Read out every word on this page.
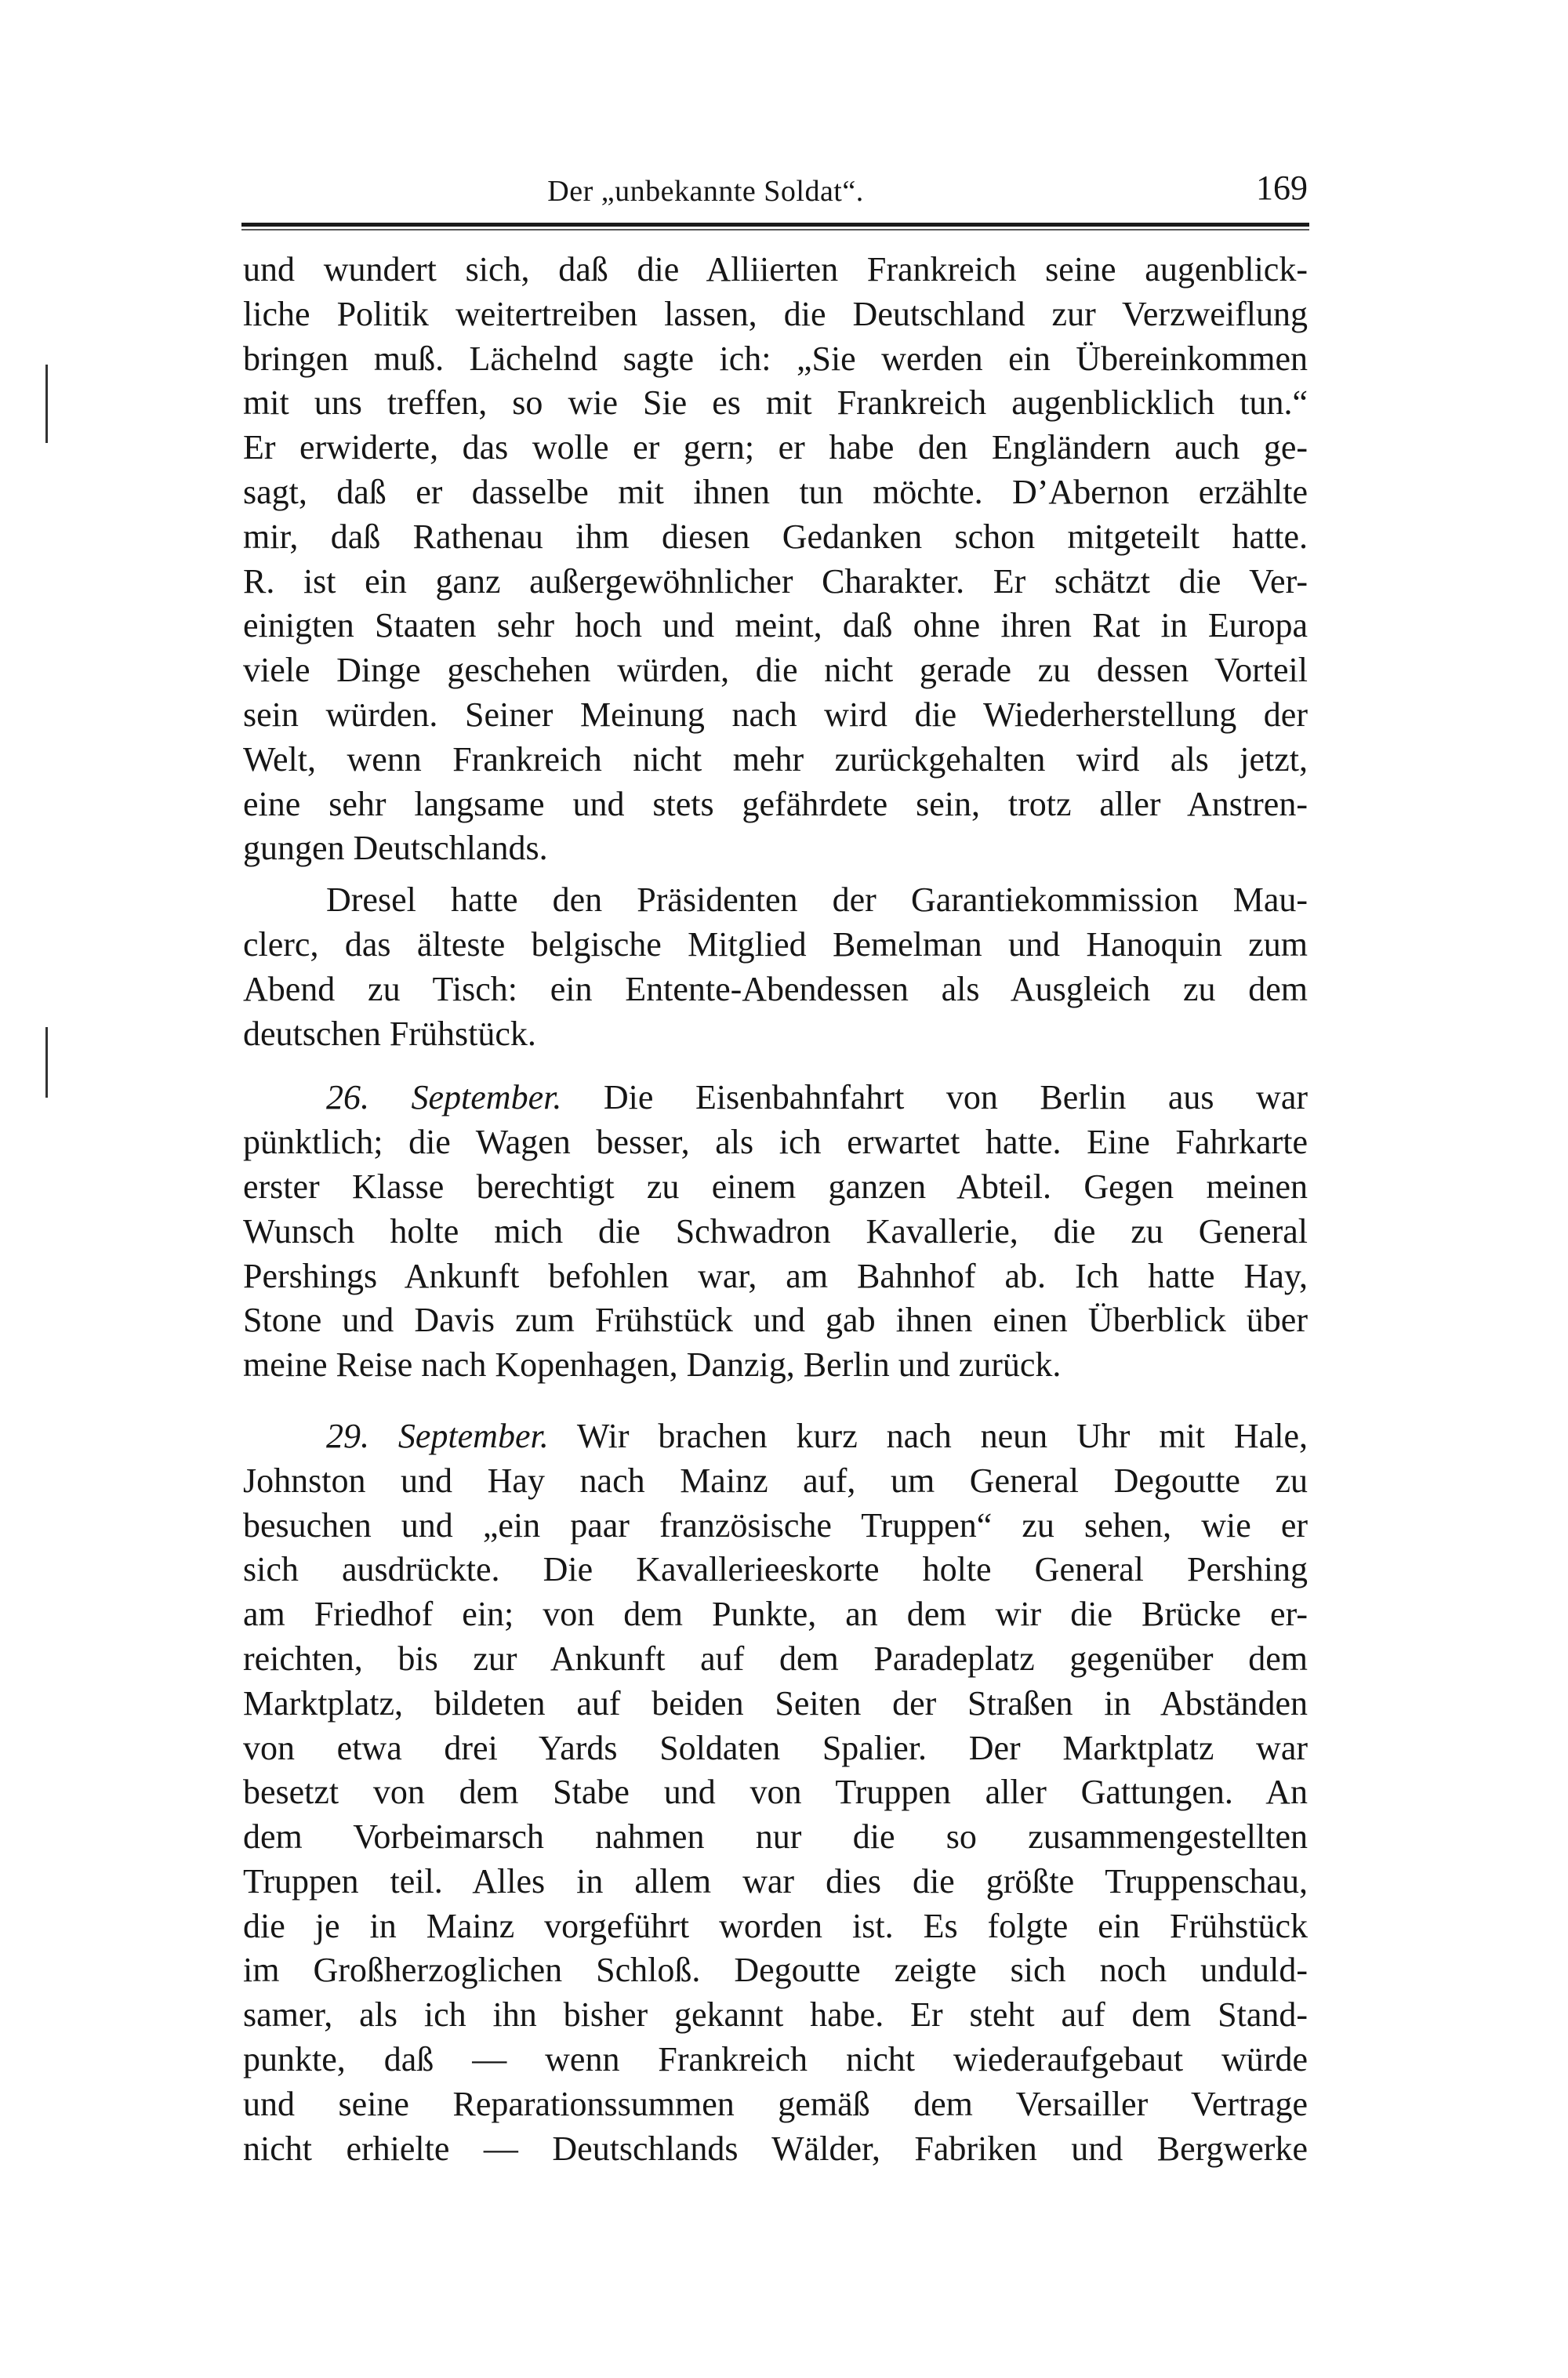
Der „unbekannte Soldat“.	169
und wundert sich, daß die Alliierten Frankreich seine augenblick-
liche Politik weitertreiben lassen, die Deutschland zur Verzweiflung
bringen muß. Lächelnd sagte ich: „Sie werden ein Übereinkommen
mit uns treffen, so wie Sie es mit Frankreich augenblicklich tun.“
Er erwiderte, das wolle er gern; er habe den Engländern auch ge-
sagt, daß er dasselbe mit ihnen tun möchte. D’Abernon erzählte
mir, daß Rathenau ihm diesen Gedanken schon mitgeteilt hatte.
R. ist ein ganz außergewöhnlicher Charakter. Er schätzt die Ver-
einigten Staaten sehr hoch und meint, daß ohne ihren Rat in Europa
viele Dinge geschehen würden, die nicht gerade zu dessen Vorteil
sein würden. Seiner Meinung nach wird die Wiederherstellung der
Welt, wenn Frankreich nicht mehr zurückgehalten wird als jetzt,
eine sehr langsame und stets gefährdete sein, trotz aller Anstren-
gungen Deutschlands.
Dresel hatte den Präsidenten der Garantiekommission Mau-
clerc, das älteste belgische Mitglied Bemelman und Hanoquin zum
Abend zu Tisch: ein Entente-Abendessen als Ausgleich zu dem
deutschen Frühstück.
26. September. Die Eisenbahnfahrt von Berlin aus war
pünktlich; die Wagen besser, als ich erwartet hatte. Eine Fahrkarte
erster Klasse berechtigt zu einem ganzen Abteil. Gegen meinen
Wunsch holte mich die Schwadron Kavallerie, die zu General
Pershings Ankunft befohlen war, am Bahnhof ab. Ich hatte Hay,
Stone und Davis zum Frühstück und gab ihnen einen Überblick über
meine Reise nach Kopenhagen, Danzig, Berlin und zurück.
29. September. Wir brachen kurz nach neun Uhr mit Hale,
Johnston und Hay nach Mainz auf, um General Degoutte zu
besuchen und „ein paar französische Truppen“ zu sehen, wie er
sich ausdrückte. Die Kavallerieeskorte holte General Pershing
am Friedhof ein; von dem Punkte, an dem wir die Brücke er-
reichten, bis zur Ankunft auf dem Paradeplatz gegenüber dem
Marktplatz, bildeten auf beiden Seiten der Straßen in Abständen
von etwa drei Yards Soldaten Spalier. Der Marktplatz war
besetzt von dem Stabe und von Truppen aller Gattungen. An
dem Vorbeimarsch nahmen nur die so zusammengestellten
Truppen teil. Alles in allem war dies die größte Truppenschau,
die je in Mainz vorgeführt worden ist. Es folgte ein Frühstück
im Großherzoglichen Schloß. Degoutte zeigte sich noch unduld-
samer, als ich ihn bisher gekannt habe. Er steht auf dem Stand-
punkte, daß — wenn Frankreich nicht wiederaufgebaut würde
und seine Reparationssummen gemäß dem Versailler Vertrage
nicht erhielte — Deutschlands Wälder, Fabriken und Bergwerke
